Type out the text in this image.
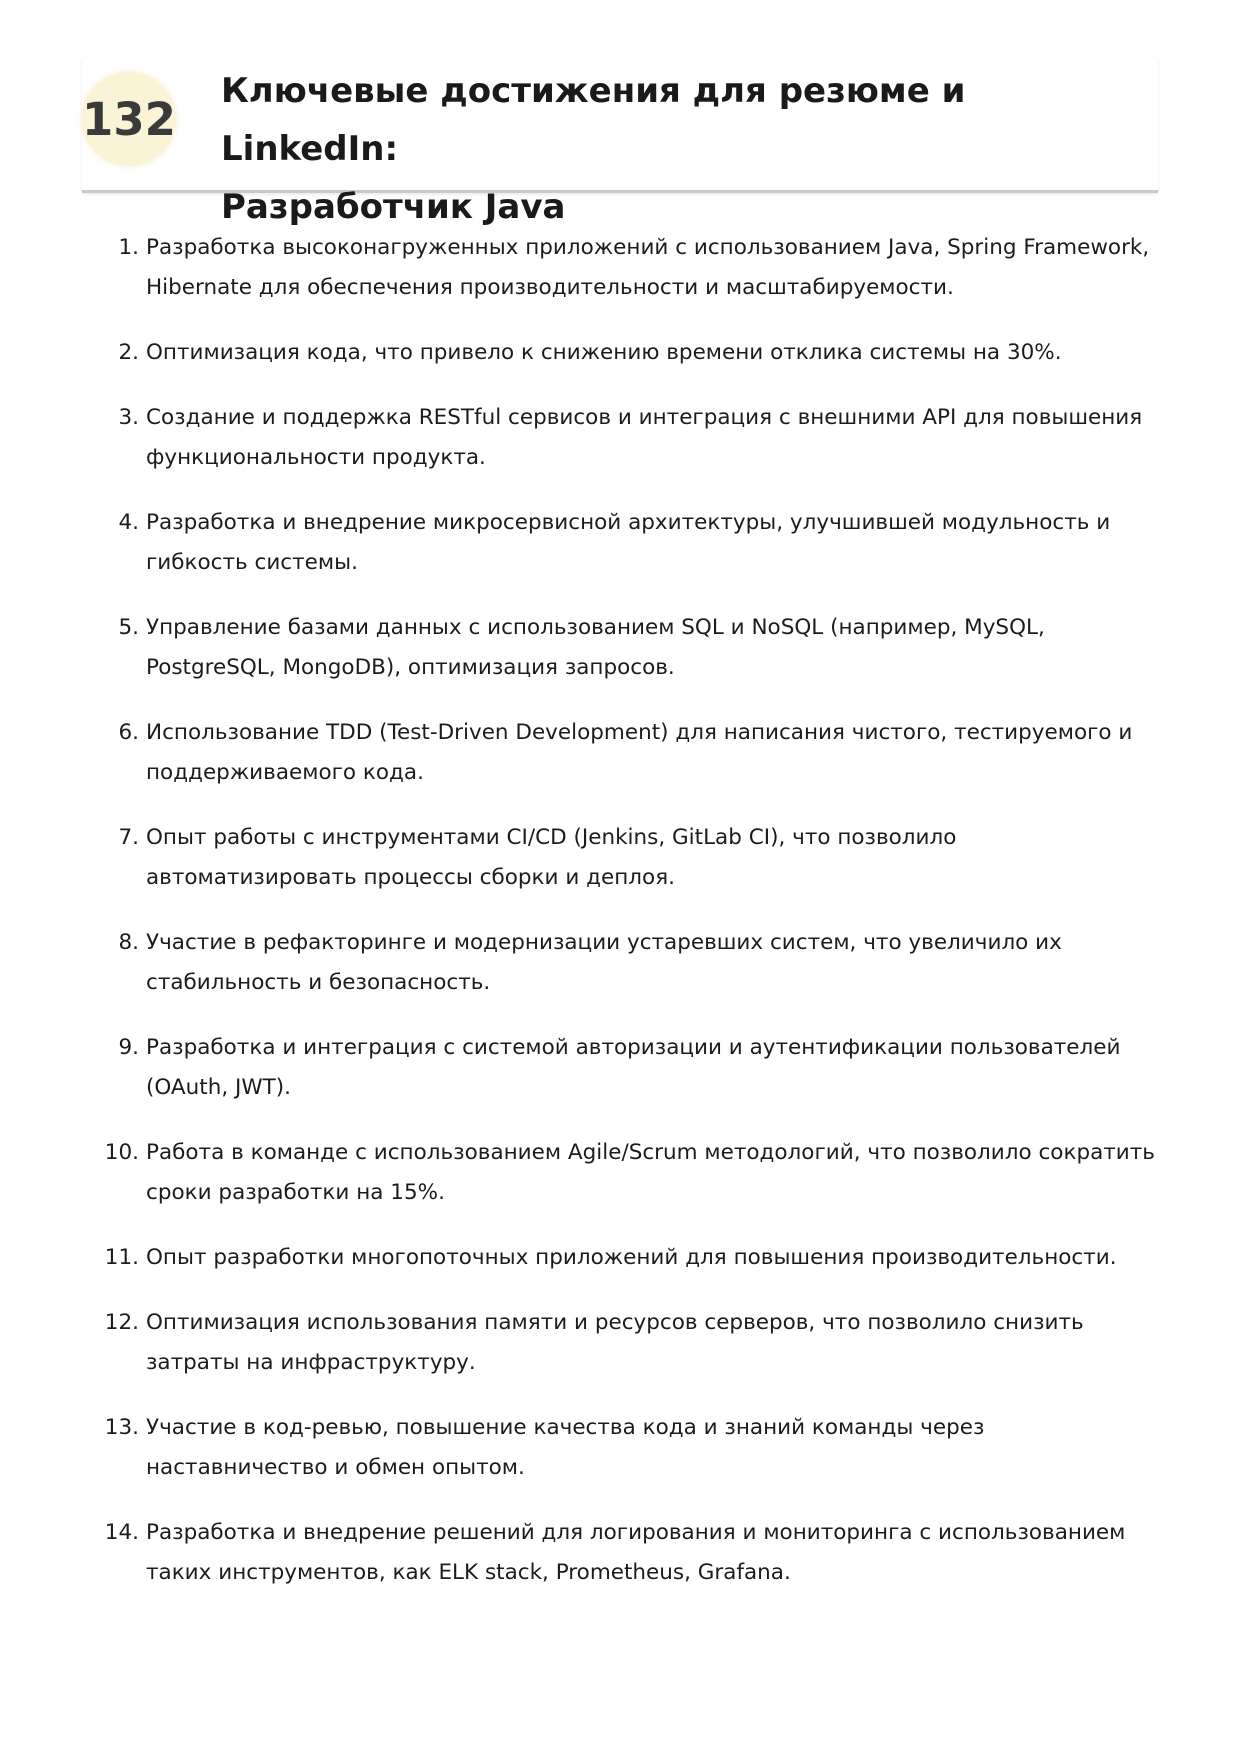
132
Ключевые достижения для резюме и LinkedIn:
Разработчик Java
1. Разработка высоконагруженных приложений с использованием Java, Spring Framework, Hibernate для обеспечения производительности и масштабируемости.
2. Оптимизация кода, что привело к снижению времени отклика системы на 30%.
3. Создание и поддержка RESTful сервисов и интеграция с внешними API для повышения функциональности продукта.
4. Разработка и внедрение микросервисной архитектуры, улучшившей модульность и гибкость системы.
5. Управление базами данных с использованием SQL и NoSQL (например, MySQL, PostgreSQL, MongoDB), оптимизация запросов.
6. Использование TDD (Test-Driven Development) для написания чистого, тестируемого и поддерживаемого кода.
7. Опыт работы с инструментами CI/CD (Jenkins, GitLab CI), что позволило автоматизировать процессы сборки и деплоя.
8. Участие в рефакторинге и модернизации устаревших систем, что увеличило их стабильность и безопасность.
9. Разработка и интеграция с системой авторизации и аутентификации пользователей (OAuth, JWT).
10. Работа в команде с использованием Agile/Scrum методологий, что позволило сократить сроки разработки на 15%.
11. Опыт разработки многопоточных приложений для повышения производительности.
12. Оптимизация использования памяти и ресурсов серверов, что позволило снизить затраты на инфраструктуру.
13. Участие в код-ревью, повышение качества кода и знаний команды через наставничество и обмен опытом.
14. Разработка и внедрение решений для логирования и мониторинга с использованием таких инструментов, как ELK stack, Prometheus, Grafana.
